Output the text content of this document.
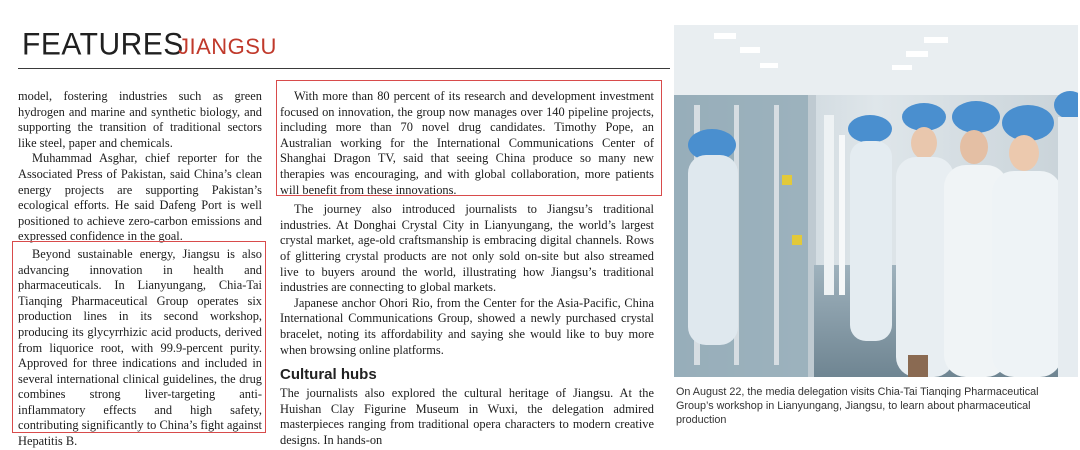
FEATURES
JIANGSU

model, fostering industries such as green hydrogen and marine and synthetic biology, and supporting the transition of traditional sectors like steel, paper and chemicals.

Muhammad Asghar, chief reporter for the Associated Press of Pakistan, said China’s clean energy projects are supporting Pakistan’s ecological efforts. He said Dafeng Port is well positioned to achieve zero-carbon emissions and expressed confidence in the goal.

Beyond sustainable energy, Jiangsu is also advancing innovation in health and pharmaceuticals. In Lianyungang, Chia-Tai Tianqing Pharmaceutical Group operates six production lines in its second workshop, producing its glycyrrhizic acid products, derived from liquorice root, with 99.9-percent purity. Approved for three indications and included in several international clinical guidelines, the drug combines strong liver-targeting anti-inflammatory effects and high safety, contributing significantly to China’s fight against Hepatitis B.

With more than 80 percent of its research and development investment focused on innovation, the group now manages over 140 pipeline projects, including more than 70 novel drug candidates. Timothy Pope, an Australian working for the International Communications Center of Shanghai Dragon TV, said that seeing China produce so many new therapies was encouraging, and with global collaboration, more patients will benefit from these innovations.

The journey also introduced journalists to Jiangsu’s traditional industries. At Donghai Crystal City in Lianyungang, the world’s largest crystal market, age-old craftsmanship is embracing digital channels. Rows of glittering crystal products are not only sold on-site but also streamed live to buyers around the world, illustrating how Jiangsu’s traditional industries are connecting to global markets.

Japanese anchor Ohori Rio, from the Center for the Asia-Pacific, China International Communications Group, showed a newly purchased crystal bracelet, noting its affordability and saying she would like to buy more when browsing online platforms.

Cultural hubs

The journalists also explored the cultural heritage of Jiangsu. At the Huishan Clay Figurine Museum in Wuxi, the delegation admired masterpieces ranging from traditional opera characters to modern creative designs. In hands-on

On August 22, the media delegation visits Chia-Tai Tianqing Pharmaceutical Group’s workshop in Lianyungang, Jiangsu, to learn about pharmaceutical production
